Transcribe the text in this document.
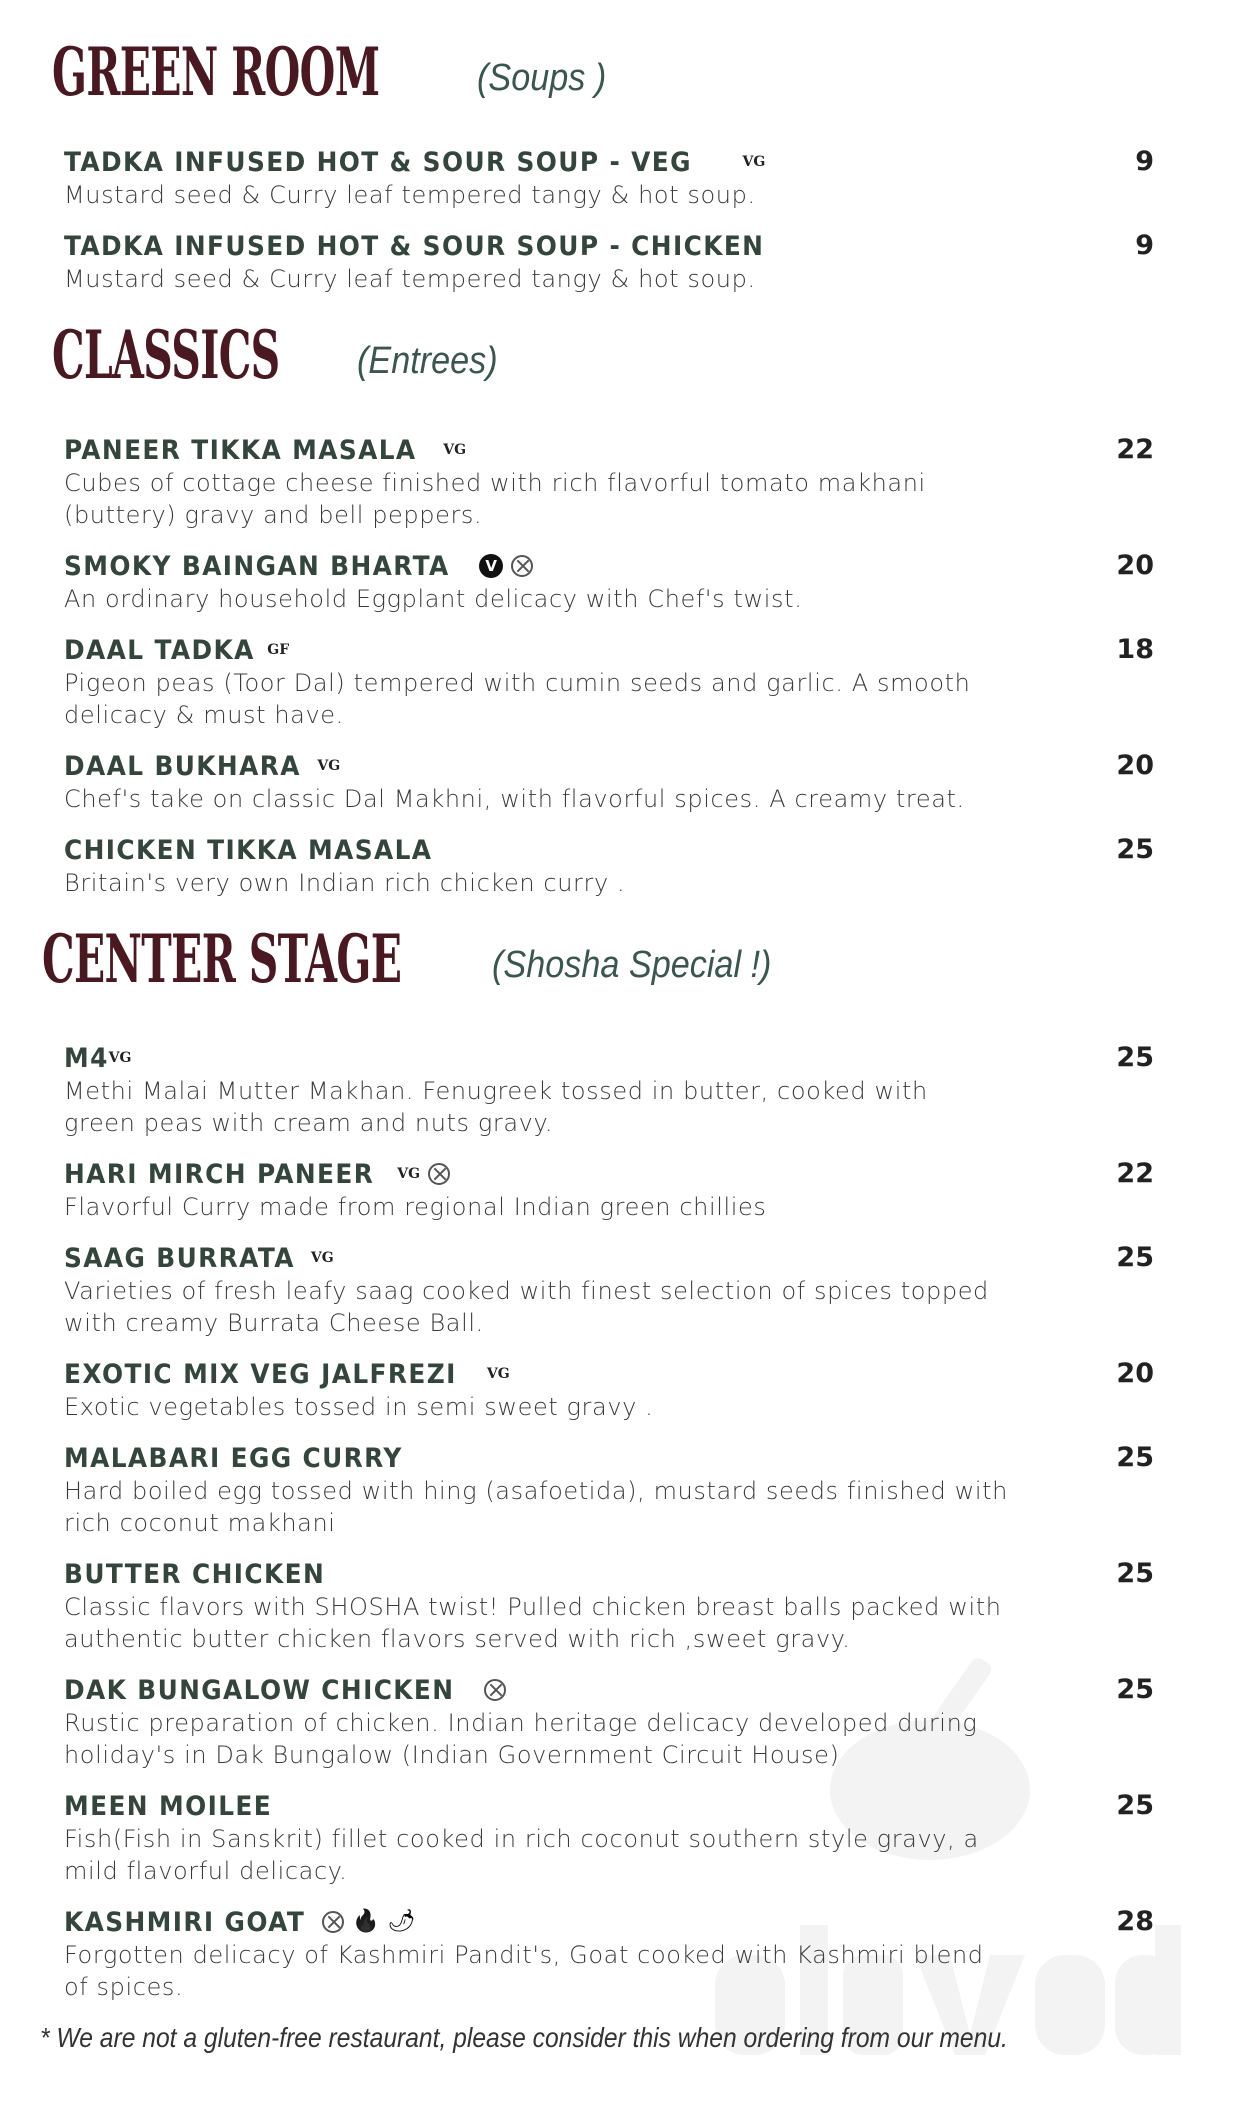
GREEN ROOM	(Soups )
TADKA INFUSED HOT & SOUR SOUP - VEG	VG	9
Mustard seed & Curry leaf tempered tangy & hot soup.
TADKA INFUSED HOT & SOUR SOUP - CHICKEN	9
Mustard seed & Curry leaf tempered tangy & hot soup.
CLASSICS (Entrees)
PANEER TIKKA MASALA VG	22
Cubes of cottage cheese finished with rich flavorful tomato makhani
(buttery) gravy and bell peppers.
SMOKY BAINGAN BHARTA	V	20
An ordinary household Eggplant delicacy with Chef's twist.
DAAL TADKA GF	18
Pigeon peas (Toor Dal) tempered with cumin seeds and garlic. A smooth
delicacy & must have.
DAAL BUKHARA VG	20
Chef's take on classic Dal Makhni, with flavorful spices. A creamy treat.
CHICKEN TIKKA MASALA	25
Britain's very own Indian rich chicken curry .
CENTER STAGE (Shosha Special !)
M4 VG	25
Methi Malai Mutter Makhan. Fenugreek tossed in butter, cooked with
green peas with cream and nuts gravy.
HARI MIRCH PANEER VG	22
Flavorful Curry made from regional Indian green chillies
SAAG BURRATA VG	25
Varieties of fresh leafy saag cooked with finest selection of spices topped
with creamy Burrata Cheese Ball.
EXOTIC MIX VEG JALFREZI VG	20
Exotic vegetables tossed in semi sweet gravy .
MALABARI EGG CURRY	25
Hard boiled egg tossed with hing (asafoetida), mustard seeds finished with
rich coconut makhani
BUTTER CHICKEN	25
Classic flavors with SHOSHA twist! Pulled chicken breast balls packed with
authentic butter chicken flavors served with rich ,sweet gravy.
DAK BUNGALOW CHICKEN	25
Rustic preparation of chicken. Indian heritage delicacy developed during
holiday's in Dak Bungalow (Indian Government Circuit House)
MEEN MOILEE	25
Fish(Fish in Sanskrit) fillet cooked in rich coconut southern style gravy, a
mild flavorful delicacy.
KASHMIRI GOAT 🔥 🌶	28
Forgotten delicacy of Kashmiri Pandit's, Goat cooked with Kashmiri blend
of spices.
* We are not a gluten-free restaurant, please consider this when ordering from our menu.
